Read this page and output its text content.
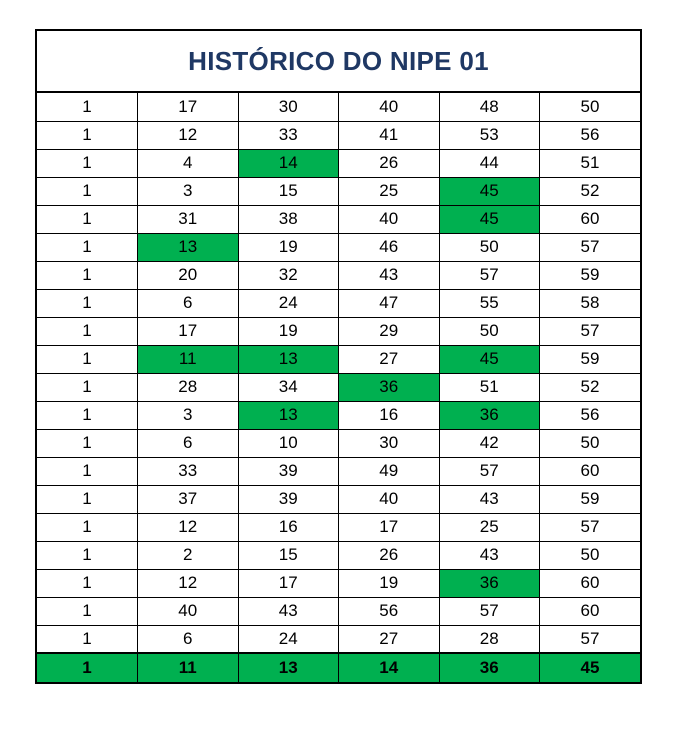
HISTÓRICO DO NIPE 01
1	17	30	40	48	50
1	12	33	41	53	56
1	4	14	26	44	51
1	3	15	25	45	52
1	31	38	40	45	60
1	13	19	46	50	57
1	20	32	43	57	59
1	6	24	47	55	58
1	17	19	29	50	57
1	11	13	27	45	59
1	28	34	36	51	52
1	3	13	16	36	56
1	6	10	30	42	50
1	33	39	49	57	60
1	37	39	40	43	59
1	12	16	17	25	57
1	2	15	26	43	50
1	12	17	19	36	60
1	40	43	56	57	60
1	6	24	27	28	57
1	11	13	14	36	45
